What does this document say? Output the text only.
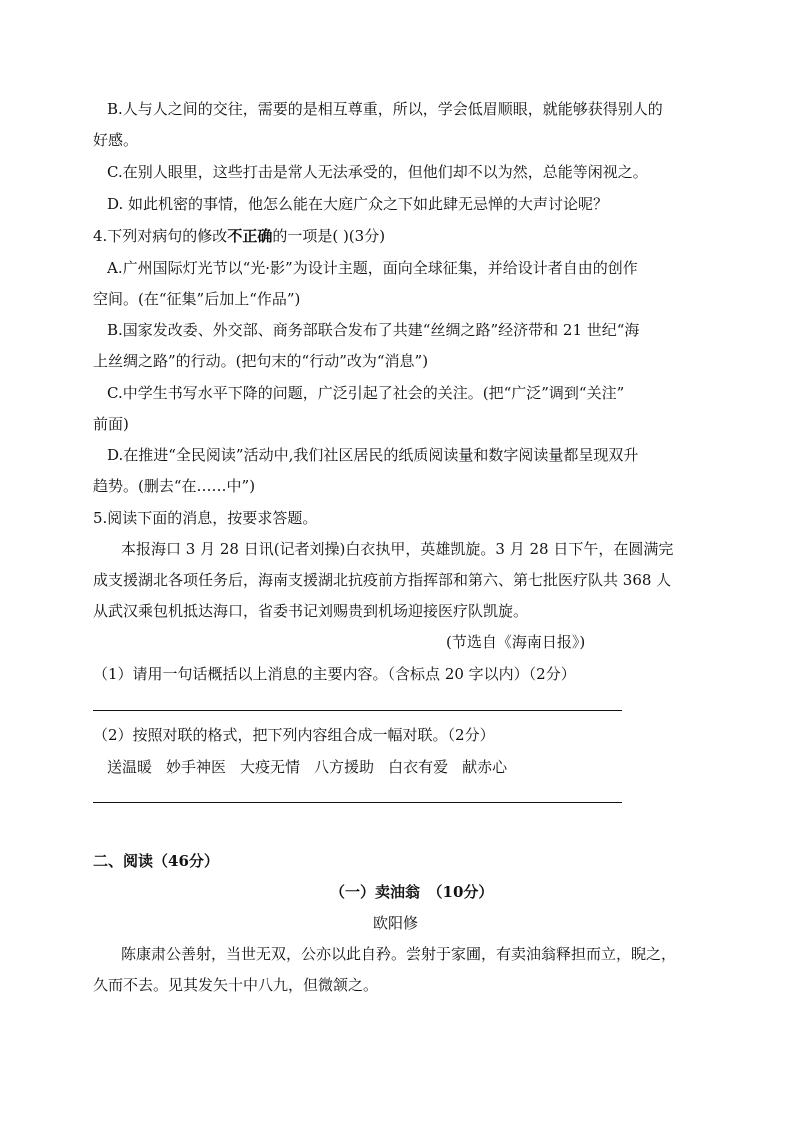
B.人与人之间的交往，需要的是相互尊重，所以，学会低眉顺眼，就能够获得别人的
好感。
C.在别人眼里，这些打击是常人无法承受的，但他们却不以为然，总能等闲视之。
D. 如此机密的事情，他怎么能在大庭广众之下如此肆无忌惮的大声讨论呢？
4.下列对病句的修改不正确的一项是( )(3分)
A.广州国际灯光节以“光·影”为设计主题，面向全球征集，并给设计者自由的创作
空间。(在“征集”后加上“作品”)
B.国家发改委、外交部、商务部联合发布了共建“丝绸之路”经济带和 21 世纪“海
上丝绸之路”的行动。(把句末的“行动”改为“消息”)
C.中学生书写水平下降的问题，广泛引起了社会的关注。(把“广泛”调到“关注”
前面)
D.在推进“全民阅读”活动中,我们社区居民的纸质阅读量和数字阅读量都呈现双升
趋势。(删去“在……中”)
5.阅读下面的消息，按要求答题。
本报海口 3 月 28 日讯(记者刘操)白衣执甲，英雄凯旋。3 月 28 日下午，在圆满完
成支援湖北各项任务后，海南支援湖北抗疫前方指挥部和第六、第七批医疗队共 368 人
从武汉乘包机抵达海口，省委书记刘赐贵到机场迎接医疗队凯旋。
(节选自《海南日报》)
（1）请用一句话概括以上消息的主要内容。（含标点 20 字以内）（2分）
（2）按照对联的格式，把下列内容组合成一幅对联。（2分）
送温暖 妙手神医 大疫无情 八方援助 白衣有爱 献赤心
二、阅读（46分）
（一）卖油翁　（10分）
欧阳修
陈康肃公善射，当世无双，公亦以此自矜。尝射于家圃，有卖油翁释担而立，睨之，
久而不去。见其发矢十中八九，但微颔之。
